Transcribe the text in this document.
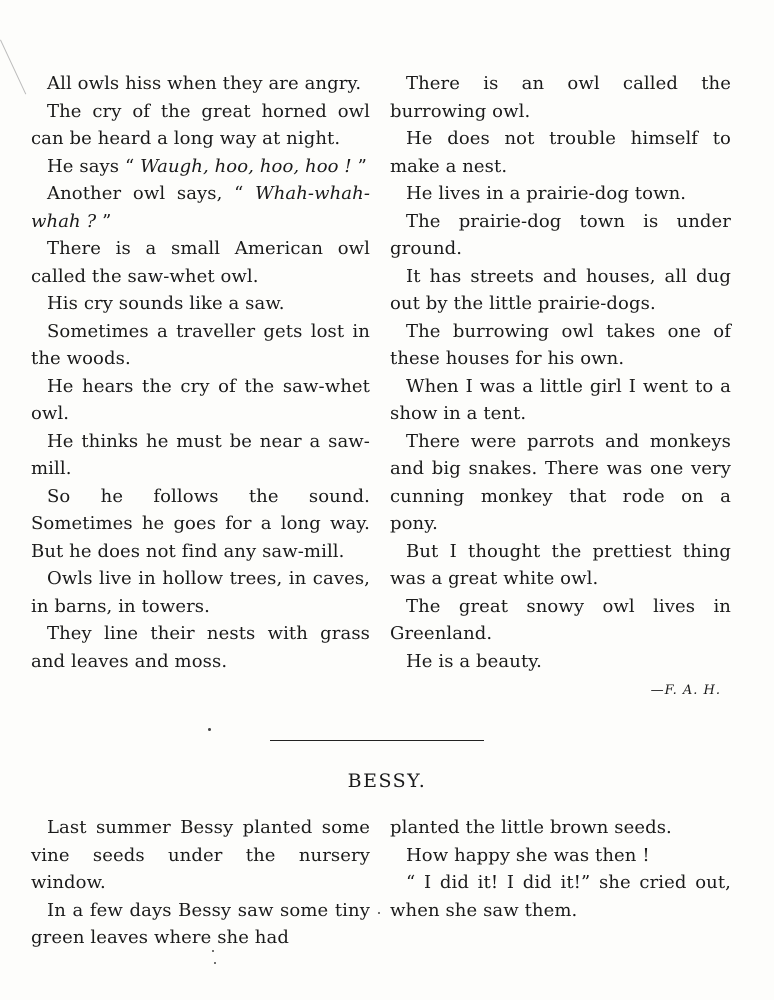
All owls hiss when they are angry.

The cry of the great horned owl can be heard a long way at night.

He says “ Waugh, hoo, hoo, hoo ! ”

Another owl says, “ Whah-whah-whah ? ”

There is a small American owl called the saw-whet owl.

His cry sounds like a saw.

Sometimes a traveller gets lost in the woods.

He hears the cry of the saw-whet owl.

He thinks he must be near a saw-mill.

So he follows the sound. Sometimes he goes for a long way. But he does not find any saw-mill.

Owls live in hollow trees, in caves, in barns, in towers.

They line their nests with grass and leaves and moss.

There is an owl called the burrowing owl.

He does not trouble himself to make a nest.

He lives in a prairie-dog town.

The prairie-dog town is under ground.

It has streets and houses, all dug out by the little prairie-dogs.

The burrowing owl takes one of these houses for his own.

When I was a little girl I went to a show in a tent.

There were parrots and monkeys and big snakes. There was one very cunning monkey that rode on a pony.

But I thought the prettiest thing was a great white owl.

The great snowy owl lives in Greenland.

He is a beauty.

—F. A. H.
BESSY.

Last summer Bessy planted some vine seeds under the nursery window.

In a few days Bessy saw some tiny green leaves where she had

planted the little brown seeds.

How happy she was then !

“ I did it! I did it!” she cried out, when she saw them.
